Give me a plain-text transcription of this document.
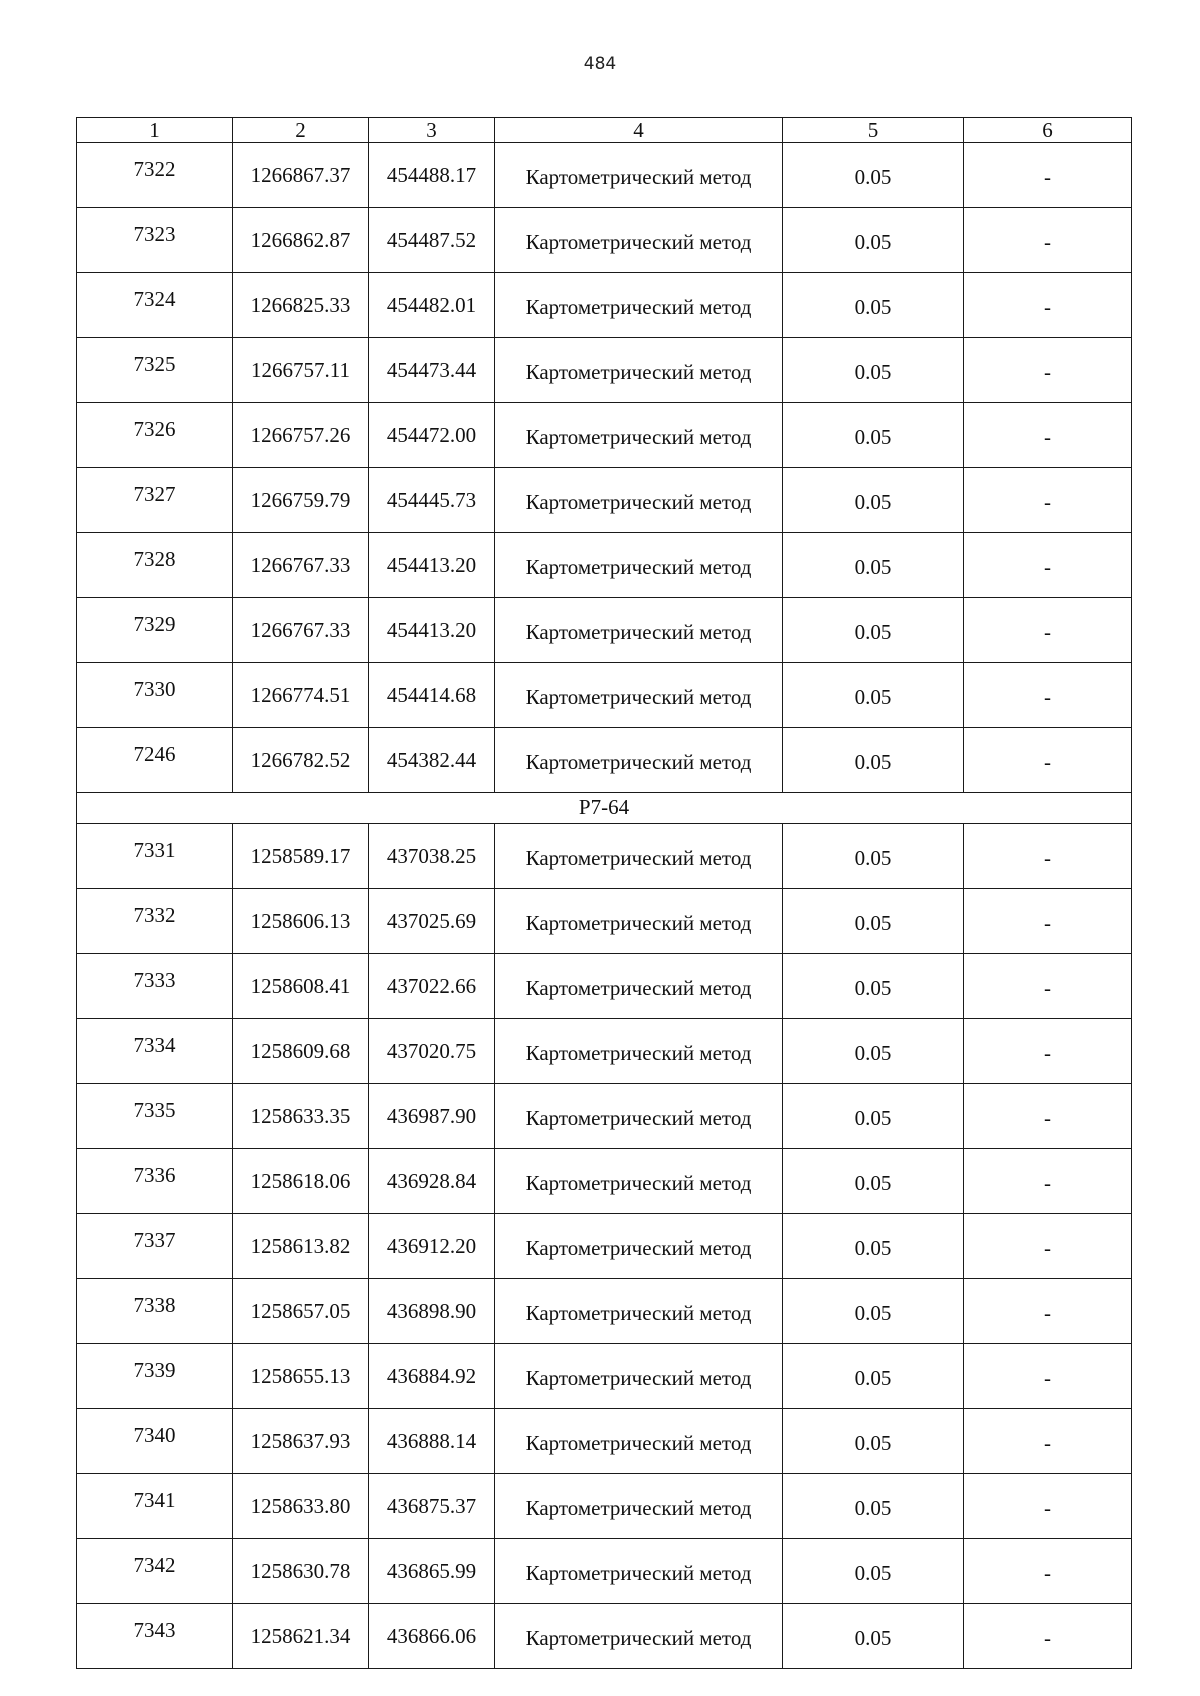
484
1	2	3	4	5	6
7322	1266867.37	454488.17	Картометрический метод	0.05	-
7323	1266862.87	454487.52	Картометрический метод	0.05	-
7324	1266825.33	454482.01	Картометрический метод	0.05	-
7325	1266757.11	454473.44	Картометрический метод	0.05	-
7326	1266757.26	454472.00	Картометрический метод	0.05	-
7327	1266759.79	454445.73	Картометрический метод	0.05	-
7328	1266767.33	454413.20	Картометрический метод	0.05	-
7329	1266767.33	454413.20	Картометрический метод	0.05	-
7330	1266774.51	454414.68	Картометрический метод	0.05	-
7246	1266782.52	454382.44	Картометрический метод	0.05	-
Р7-64					
7331	1258589.17	437038.25	Картометрический метод	0.05	-
7332	1258606.13	437025.69	Картометрический метод	0.05	-
7333	1258608.41	437022.66	Картометрический метод	0.05	-
7334	1258609.68	437020.75	Картометрический метод	0.05	-
7335	1258633.35	436987.90	Картометрический метод	0.05	-
7336	1258618.06	436928.84	Картометрический метод	0.05	-
7337	1258613.82	436912.20	Картометрический метод	0.05	-
7338	1258657.05	436898.90	Картометрический метод	0.05	-
7339	1258655.13	436884.92	Картометрический метод	0.05	-
7340	1258637.93	436888.14	Картометрический метод	0.05	-
7341	1258633.80	436875.37	Картометрический метод	0.05	-
7342	1258630.78	436865.99	Картометрический метод	0.05	-
7343	1258621.34	436866.06	Картометрический метод	0.05	-
